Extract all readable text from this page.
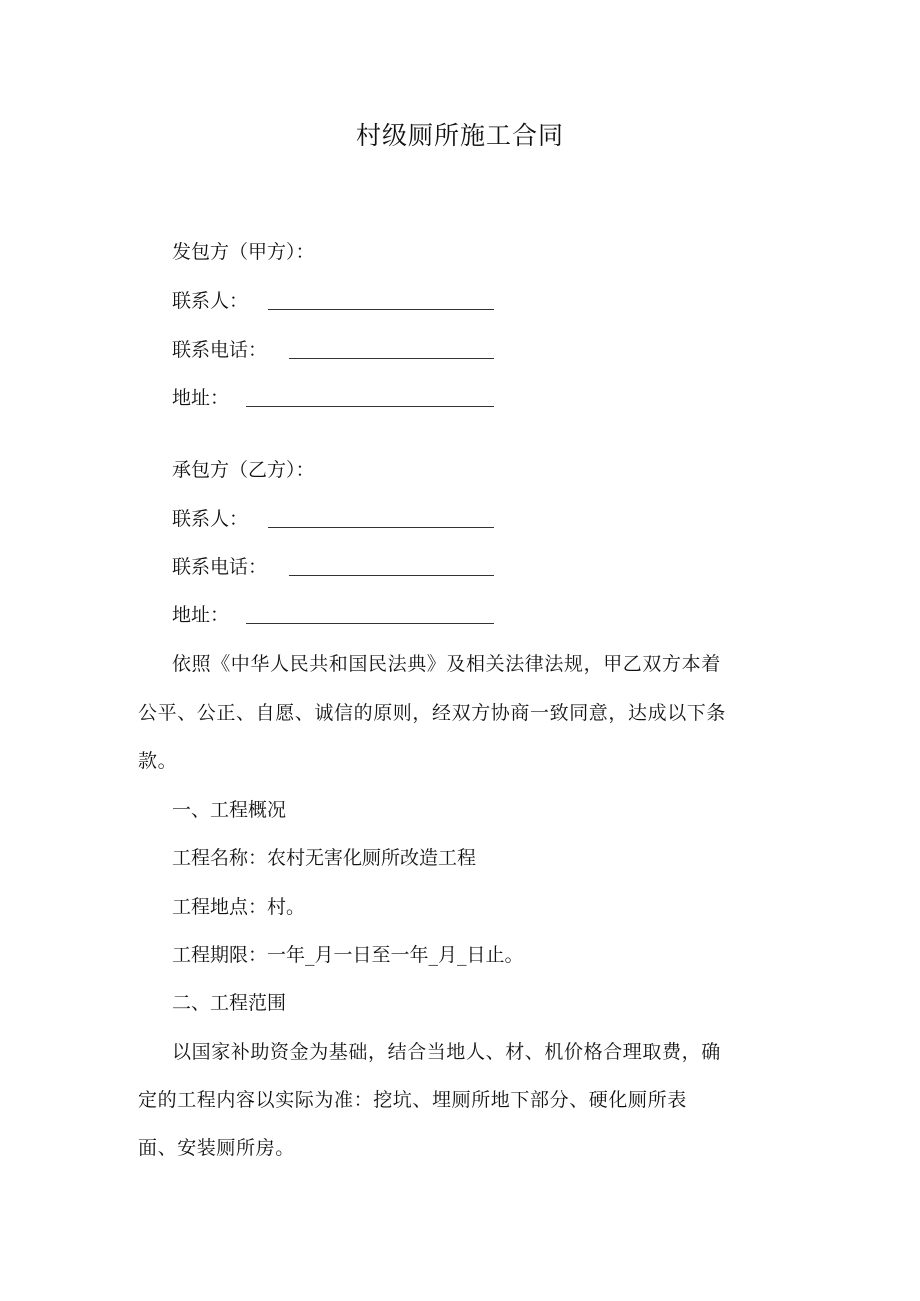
村级厕所施工合同
发包方（甲方）：
联系人：
联系电话：
地址：
承包方（乙方）：
联系人：
联系电话：
地址：
依照《中华人民共和国民法典》及相关法律法规，甲乙双方本着
公平、公正、自愿、诚信的原则，经双方协商一致同意，达成以下条
款。
一、工程概况
工程名称：农村无害化厕所改造工程
工程地点：村。
工程期限：一年_月一日至一年_月_日止。
二、工程范围
以国家补助资金为基础，结合当地人、材、机价格合理取费，确
定的工程内容以实际为准：挖坑、埋厕所地下部分、硬化厕所表
面、安装厕所房。
